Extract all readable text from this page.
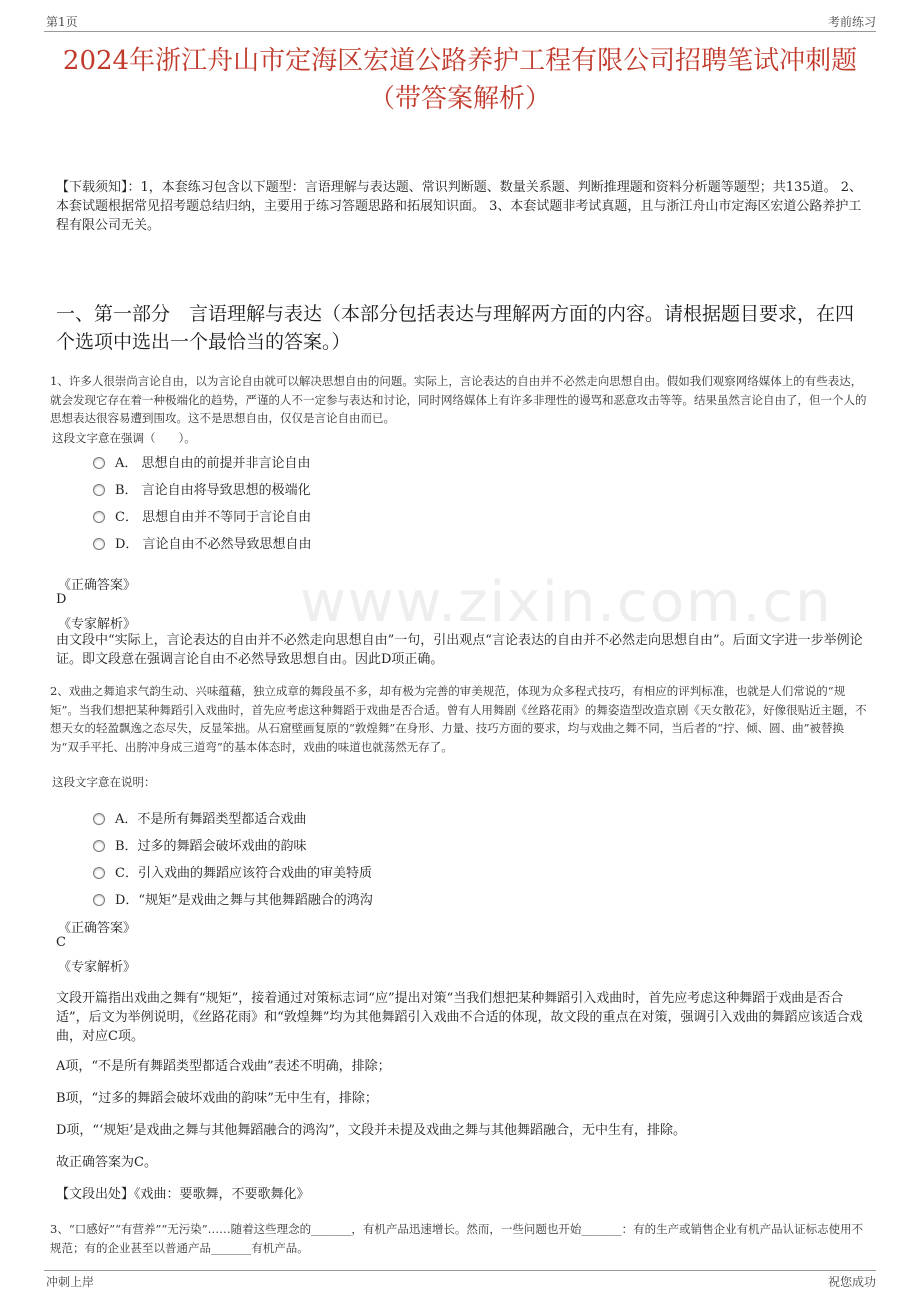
第1页	考前练习
www.zixin.com.cn
2024年浙江舟山市定海区宏道公路养护工程有限公司招聘笔试冲刺题（带答案解析）
【下载须知】：1，本套练习包含以下题型：言语理解与表达题、常识判断题、数量关系题、判断推理题和资料分析题等题型；共135道。 2、本套试题根据常见招考题总结归纳，主要用于练习答题思路和拓展知识面。 3、本套试题非考试真题，且与浙江舟山市定海区宏道公路养护工程有限公司无关。
一、第一部分　言语理解与表达（本部分包括表达与理解两方面的内容。请根据题目要求，在四个选项中选出一个最恰当的答案。）
1、许多人很崇尚言论自由，以为言论自由就可以解决思想自由的问题。实际上，言论表达的自由并不必然走向思想自由。假如我们观察网络媒体上的有些表达，就会发现它存在着一种极端化的趋势，严谨的人不一定参与表达和讨论，同时网络媒体上有许多非理性的谩骂和恶意攻击等等。结果虽然言论自由了，但一个人的思想表达很容易遭到围攻。这不是思想自由，仅仅是言论自由而已。
这段文字意在强调（　　）。
A． 思想自由的前提并非言论自由
B． 言论自由将导致思想的极端化
C． 思想自由并不等同于言论自由
D． 言论自由不必然导致思想自由
《正确答案》
D
《专家解析》
由文段中“实际上，言论表达的自由并不必然走向思想自由”一句，引出观点“言论表达的自由并不必然走向思想自由”。后面文字进一步举例论证。即文段意在强调言论自由不必然导致思想自由。因此D项正确。
2、戏曲之舞追求气韵生动、兴味蕴藉，独立成章的舞段虽不多，却有极为完善的审美规范，体现为众多程式技巧，有相应的评判标准，也就是人们常说的“规矩”。当我们想把某种舞蹈引入戏曲时，首先应考虑这种舞蹈于戏曲是否合适。曾有人用舞剧《丝路花雨》的舞姿造型改造京剧《天女散花》，好像很贴近主题，不想天女的轻盈飘逸之态尽失，反显笨拙。从石窟壁画复原的“敦煌舞”在身形、力量、技巧方面的要求，均与戏曲之舞不同，当后者的“拧、倾、圆、曲”被替换为“双手平托、出胯冲身成三道弯”的基本体态时，戏曲的味道也就荡然无存了。
这段文字意在说明：
A．不是所有舞蹈类型都适合戏曲
B．过多的舞蹈会破坏戏曲的韵味
C．引入戏曲的舞蹈应该符合戏曲的审美特质
D．“规矩”是戏曲之舞与其他舞蹈融合的鸿沟
《正确答案》
C
《专家解析》
文段开篇指出戏曲之舞有“规矩”，接着通过对策标志词“应”提出对策“当我们想把某种舞蹈引入戏曲时，首先应考虑这种舞蹈于戏曲是否合适”，后文为举例说明，《丝路花雨》和“敦煌舞”均为其他舞蹈引入戏曲不合适的体现，故文段的重点在对策，强调引入戏曲的舞蹈应该适合戏曲，对应C项。
A项，“不是所有舞蹈类型都适合戏曲”表述不明确，排除；
B项，“过多的舞蹈会破坏戏曲的韵味”无中生有，排除；
D项，“‘规矩’是戏曲之舞与其他舞蹈融合的鸿沟”，文段并未提及戏曲之舞与其他舞蹈融合，无中生有，排除。
故正确答案为C。
【文段出处】《戏曲：要歌舞，不要歌舞化》
3、“口感好”“有营养”“无污染”……随着这些理念的_______，有机产品迅速增长。然而，一些问题也开始_______：有的生产或销售企业有机产品认证标志使用不规范；有的企业甚至以普通产品_______有机产品。
冲刺上岸	祝您成功
